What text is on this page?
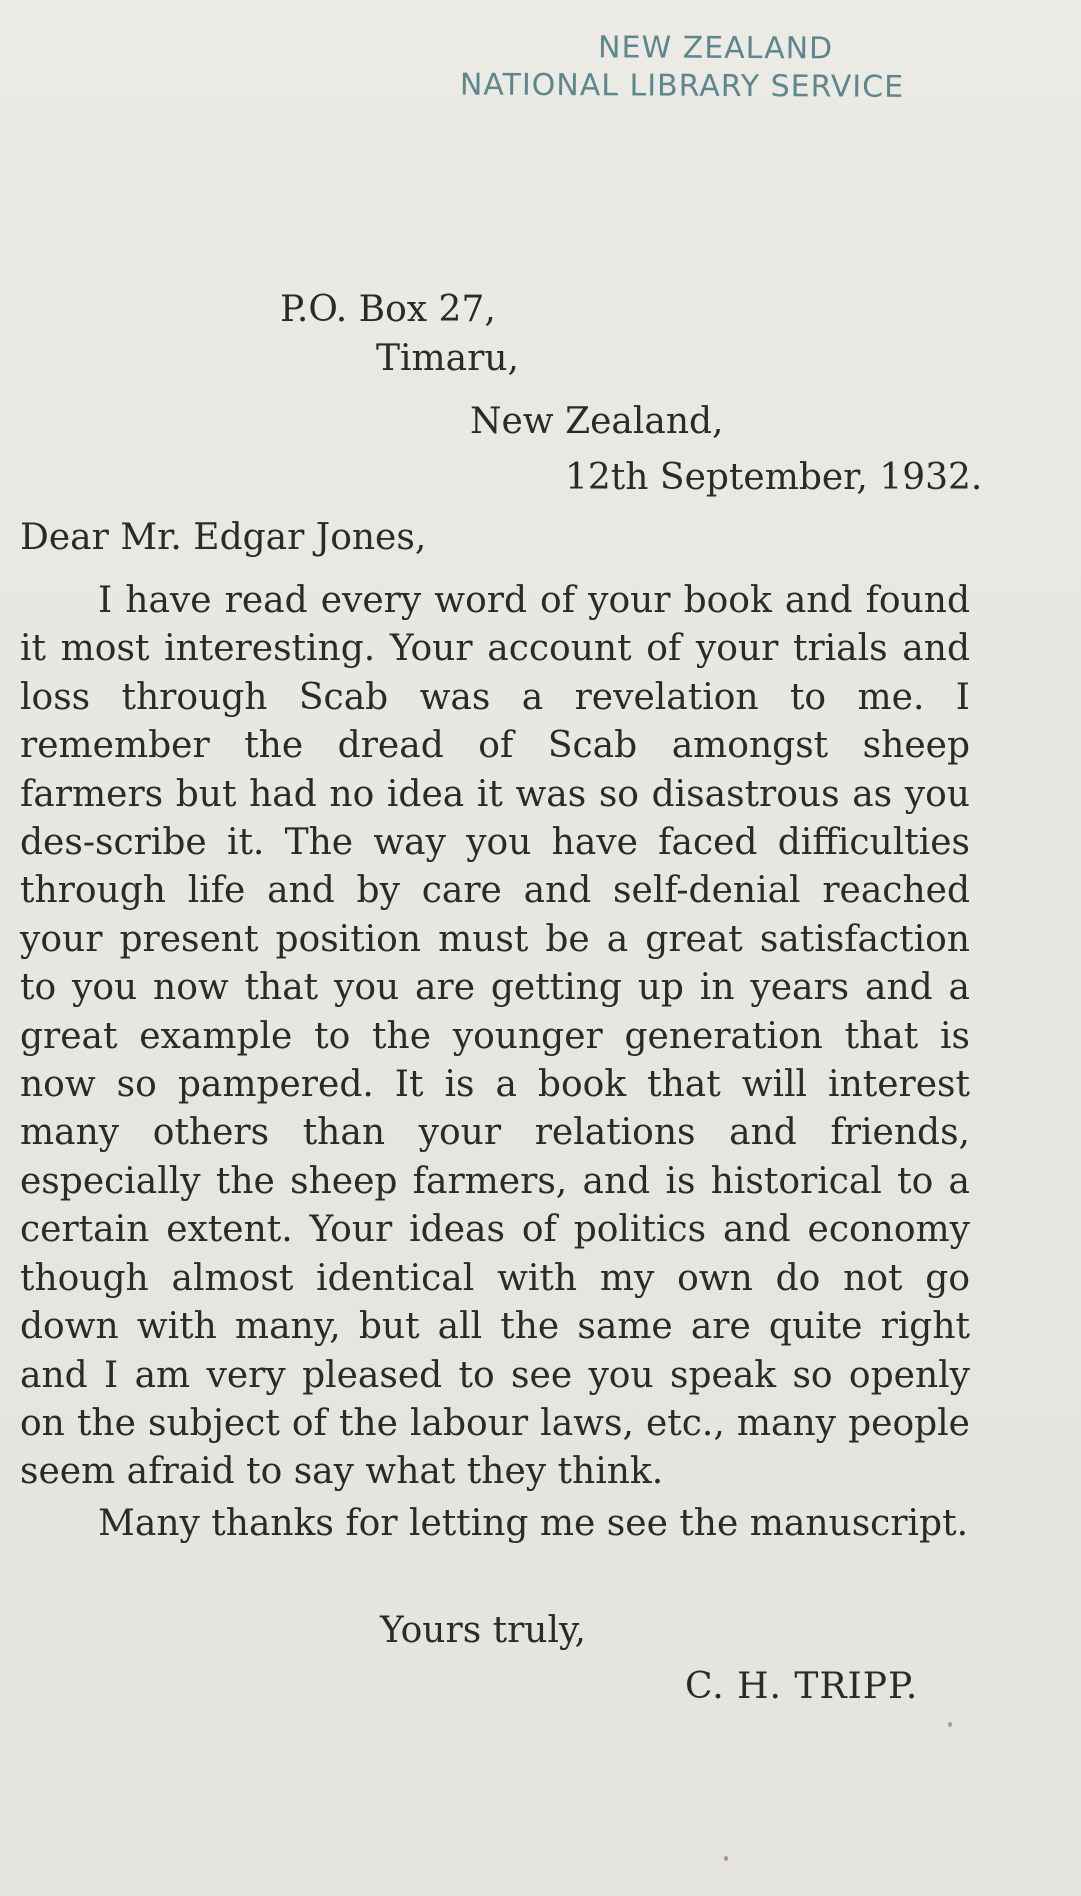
NEW ZEALAND
NATIONAL LIBRARY SERVICE
P.O. Box 27,
Timaru,
New Zealand,
12th September, 1932.
Dear Mr. Edgar Jones,

I have read every word of your book and found it most interesting. Your account of your trials and loss through Scab was a revelation to me. I remember the dread of Scab amongst sheep farmers but had no idea it was so disastrous as you des-scribe it. The way you have faced difficulties through life and by care and self-denial reached your present position must be a great satisfaction to you now that you are getting up in years and a great example to the younger generation that is now so pampered. It is a book that will interest many others than your relations and friends, especially the sheep farmers, and is historical to a certain extent. Your ideas of politics and economy though almost identical with my own do not go down with many, but all the same are quite right and I am very pleased to see you speak so openly on the subject of the labour laws, etc., many people seem afraid to say what they think.

Many thanks for letting me see the manuscript.

Yours truly,
C. H. TRIPP.
